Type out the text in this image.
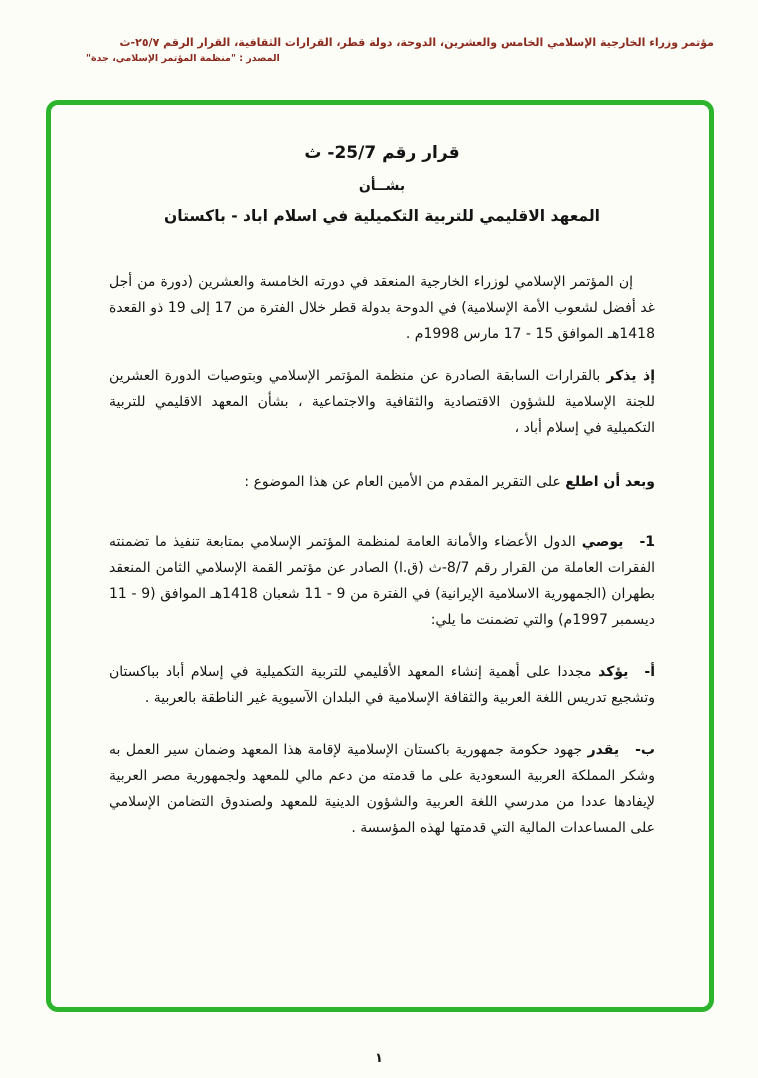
مؤتمر وزراء الخارجية الإسلامي الخامس والعشرين، الدوحة، دولة قطر، القرارات الثقافية، القرار الرقم ٢٥/٧-ث
المصدر : "منظمة المؤتمر الإسلامي، جدة"
قرار رقم 25/7- ث
بشــأن
المعهد الاقليمي للتربية التكميلية في اسلام اباد - باكستان

إن المؤتمر الإسلامي لوزراء الخارجية المنعقد في دورته الخامسة والعشرين (دورة من أجل غد أفضل لشعوب الأمة الإسلامية) في الدوحة بدولة قطر خلال الفترة من 17 إلى 19 ذو القعدة 1418هـ الموافق 15 - 17 مارس 1998م .

إذ يذكر بالقرارات السابقة الصادرة عن منظمة المؤتمر الإسلامي وبتوصيات الدورة العشرين للجنة الإسلامية للشؤون الاقتصادية والثقافية والاجتماعية ، بشأن المعهد الاقليمي للتربية التكميلية في إسلام أباد ،

وبعد أن اطلع على التقرير المقدم من الأمين العام عن هذا الموضوع :

1-يوصي الدول الأعضاء والأمانة العامة لمنظمة المؤتمر الإسلامي بمتابعة تنفيذ ما تضمنته الفقرات العاملة من القرار رقم 8/7-ث (ق.ا) الصادر عن مؤتمر القمة الإسلامي الثامن المنعقد بطهران (الجمهورية الاسلامية الإيرانية) في الفترة من 9 - 11 شعبان 1418هـ الموافق (9 - 11 ديسمبر 1997م) والتي تضمنت ما يلي:

أ-يؤكد مجددا على أهمية إنشاء المعهد الأقليمي للتربية التكميلية في إسلام أباد بباكستان وتشجيع تدريس اللغة العربية والثقافة الإسلامية في البلدان الآسيوية غير الناطقة بالعربية .

ب-يقدر جهود حكومة جمهورية باكستان الإسلامية لإقامة هذا المعهد وضمان سير العمل به وشكر المملكة العربية السعودية على ما قدمته من دعم مالي للمعهد ولجمهورية مصر العربية لإيفادها عددا من مدرسي اللغة العربية والشؤون الدينية للمعهد ولصندوق التضامن الإسلامي على المساعدات المالية التي قدمتها لهذه المؤسسة .

١
